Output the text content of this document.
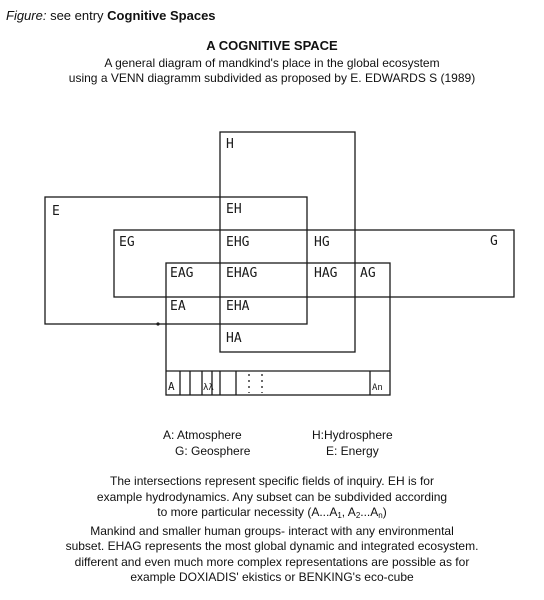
Figure: see entry Cognitive Spaces
A COGNITIVE SPACE
A general diagram of mandkind's place in the global ecosystem
using a VENN diagramm subdivided as proposed by E. EDWARDS S (1989)
H
E
G
EH
EG	EHG	HG
EAG	EHAG	HAG AG
EA	EHA
HA
A	λλ	An
A: Atmosphere	H:Hydrosphere
G: Geosphere	E: Energy
The intersections represent specific fields of inquiry. EH is for
example hydrodynamics. Any subset can be subdivided according
to more particular necessity ($A...A_1$, $A_2...A_n$)
Mankind and smaller human groups- interact with any environmental
subset. EHAG represents the most global dynamic and integrated ecosystem.
different and even much more complex representations are possible as for
example DOXIADIS' ekistics or BENKING's eco-cube
